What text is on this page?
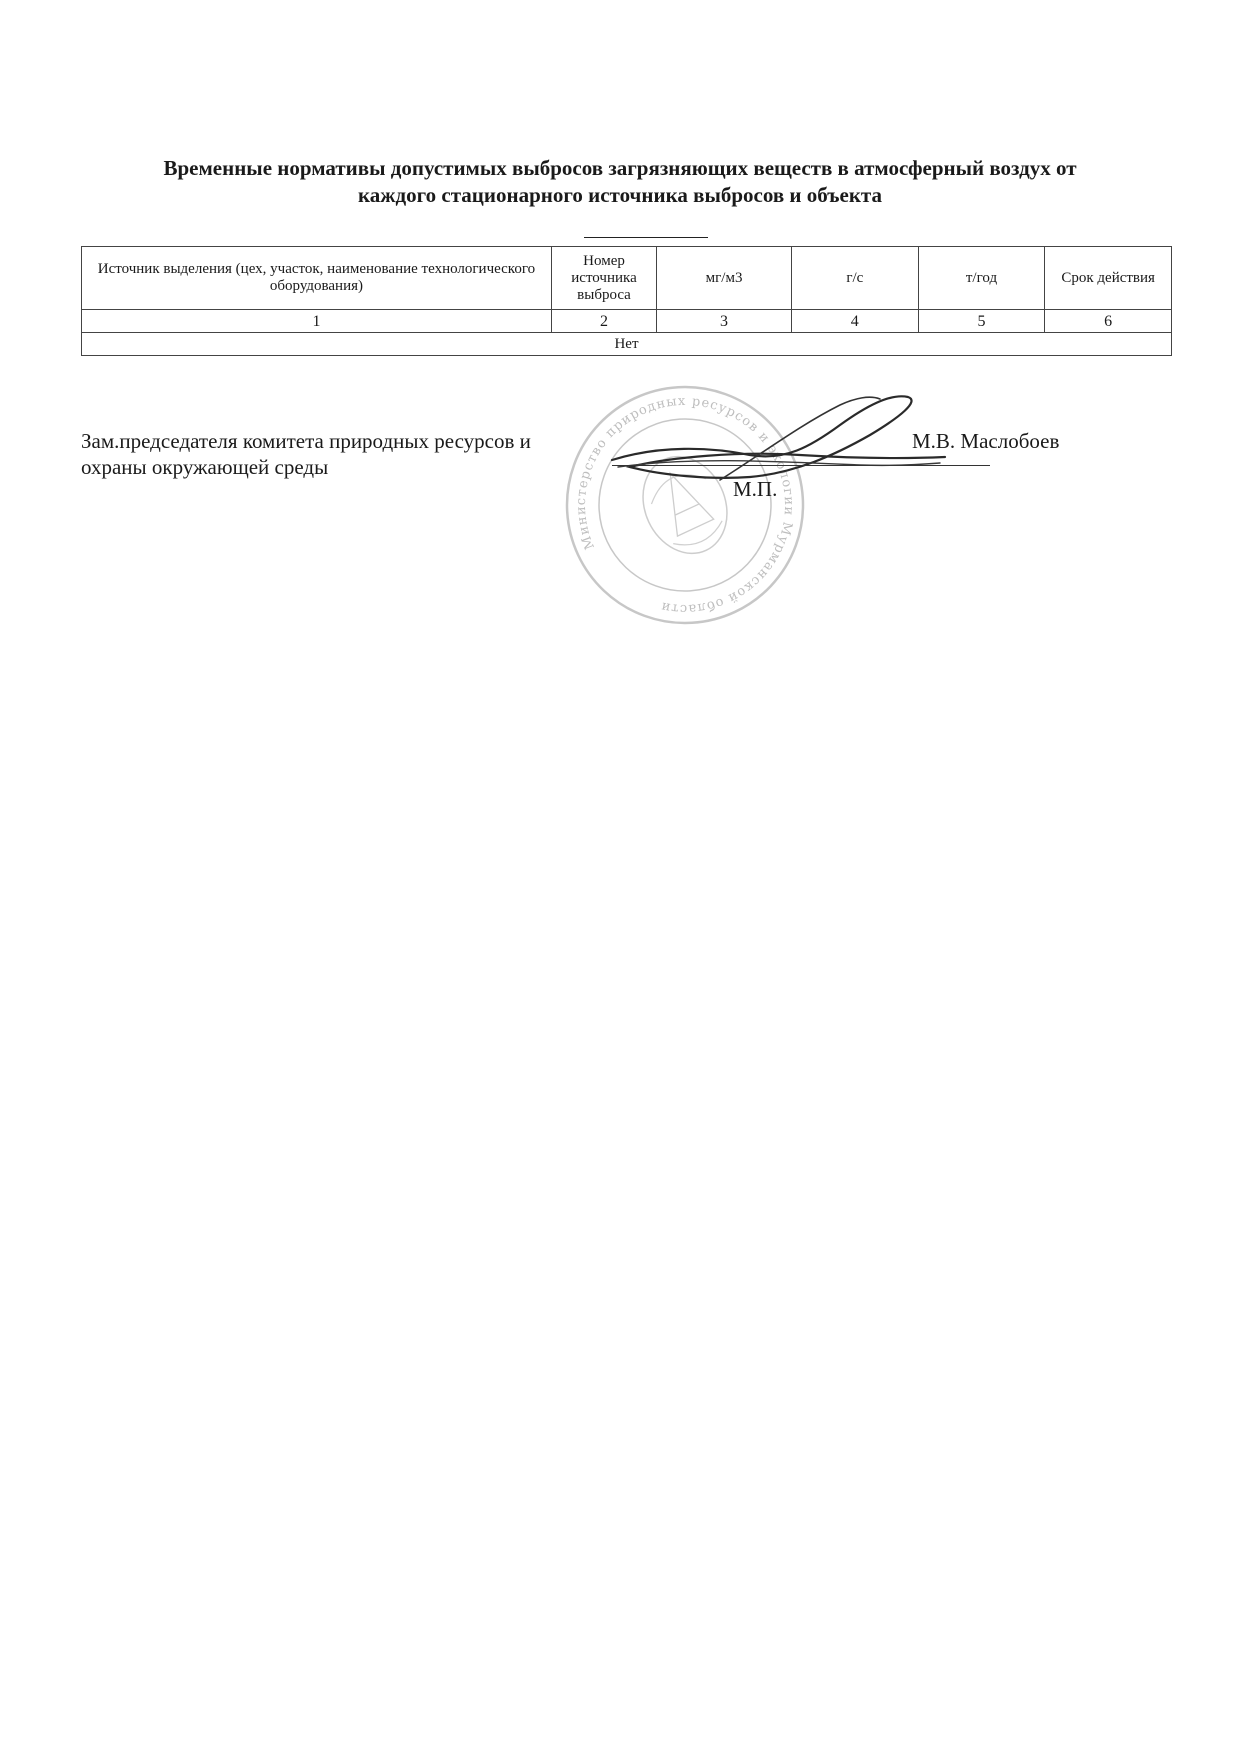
Временные нормативы допустимых выбросов загрязняющих веществ в атмосферный воздух от каждого стационарного источника выбросов и объекта
Источник выделения (цех, участок, наименование технологического оборудования)	Номер источника выброса	мг/м3	г/с	т/год	Срок действия
1	2	3	4	5	6
Нет					
Министерство природных ресурсов и экологии Мурманской области
Зам.председателя комитета природных ресурсов и охраны окружающей среды
М.В. Маслобоев
М.П.
